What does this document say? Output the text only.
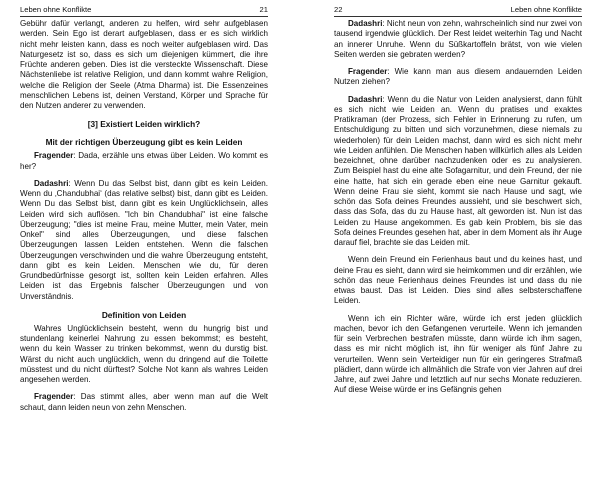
Leben ohne Konflikte	21

Gebühr dafür verlangt, anderen zu helfen, wird sehr aufgeblasen werden. Sein Ego ist derart aufgeblasen, dass er es sich wirklich nicht mehr leisten kann, dass es noch weiter aufgeblasen wird. Das Naturgesetz ist so, dass es sich um diejenigen kümmert, die ihre Früchte anderen geben. Dies ist die versteckte Wissenschaft. Diese Nächstenliebe ist relative Religion, und dann kommt wahre Religion, welche die Religion der Seele (Atma Dharma) ist. Die Essenzeines menschlichen Lebens ist, deinen Verstand, Körper und Sprache für den Nutzen anderer zu verwenden.

[3] Existiert Leiden wirklich?
Mit der richtigen Überzeugung gibt es kein Leiden

Fragender: Dada, erzähle uns etwas über Leiden. Wo kommt es her?

Dadashri: Wenn Du das Selbst bist, dann gibt es kein Leiden. Wenn du ‚Chandubhai‘ (das relative selbst) bist, dann gibt es Leiden. Wenn Du das Selbst bist, dann gibt es kein Unglücklichsein, alles Leiden wird sich auflösen. "Ich bin Chandubhai" ist eine falsche Überzeugung; "dies ist meine Frau, meine Mutter, mein Vater, mein Onkel" sind alles Überzeugungen, und diese falschen Überzeugungen lassen Leiden entstehen. Wenn die falschen Überzeugungen verschwinden und die wahre Überzeugung entsteht, dann gibt es kein Leiden. Menschen wie du, für deren Grundbedürfnisse gesorgt ist, sollten kein Leiden erfahren. Alles Leiden ist das Ergebnis falscher Überzeugungen und von Unverständnis.

Definition von Leiden

Wahres Unglücklichsein besteht, wenn du hungrig bist und stundenlang keinerlei Nahrung zu essen bekommst; es besteht, wenn du kein Wasser zu trinken bekommst, wenn du durstig bist. Wärst du nicht auch unglücklich, wenn du dringend auf die Toilette müsstest und du nicht dürftest? Solche Not kann als wahres Leiden angesehen werden.

Fragender: Das stimmt alles, aber wenn man auf die Welt schaut, dann leiden neun von zehn Menschen.

22	Leben ohne Konflikte

Dadashri: Nicht neun von zehn, wahrscheinlich sind nur zwei von tausend irgendwie glücklich. Der Rest leidet weiterhin Tag und Nacht an innerer Unruhe. Wenn du Süßkartoffeln brätst, von wie vielen Seiten werden sie gebraten werden?

Fragender: Wie kann man aus diesem andauernden Leiden Nutzen ziehen?

Dadashri: Wenn du die Natur von Leiden analysierst, dann fühlt es sich nicht wie Leiden an. Wenn du pratises und exaktes Pratikraman (der Prozess, sich Fehler in Erinnerung zu rufen, um Entschuldigung zu bitten und sich vorzunehmen, diese niemals zu wiederholen) für dein Leiden machst, dann wird es sich nicht mehr wie Leiden anfühlen. Die Menschen haben willkürlich alles als Leiden bezeichnet, ohne darüber nachzudenken oder es zu analysieren. Zum Beispiel hast du eine alte Sofagarnitur, und dein Freund, der nie eine hatte, hat sich ein gerade eben eine neue Garnitur gekauft. Wenn deine Frau sie sieht, kommt sie nach Hause und sagt, wie schön das Sofa deines Freundes aussieht, und sie beschwert sich, dass das Sofa, das du zu Hause hast, alt geworden ist. Nun ist das Leiden zu Hause angekommen. Es gab kein Problem, bis sie das Sofa deines Freundes gesehen hat, aber in dem Moment als ihr Auge darauf fiel, brachte sie das Leiden mit.

Wenn dein Freund ein Ferienhaus baut und du keines hast, und deine Frau es sieht, dann wird sie heimkommen und dir erzählen, wie schön das neue Ferienhaus deines Freundes ist und dass du nie etwas baust. Das ist Leiden. Dies sind alles selbsterschaffene Leiden.

Wenn ich ein Richter wäre, würde ich erst jeden glücklich machen, bevor ich den Gefangenen verurteile. Wenn ich jemanden für sein Verbrechen bestrafen müsste, dann würde ich ihm sagen, dass es mir nicht möglich ist, ihn für weniger als fünf Jahre zu verurteilen. Wenn sein Verteidiger nun für ein geringeres Strafmaß plädiert, dann würde ich allmählich die Strafe von vier Jahren auf drei Jahre, auf zwei Jahre und letztlich auf nur sechs Monate reduzieren. Auf diese Weise würde er ins Gefängnis gehen
